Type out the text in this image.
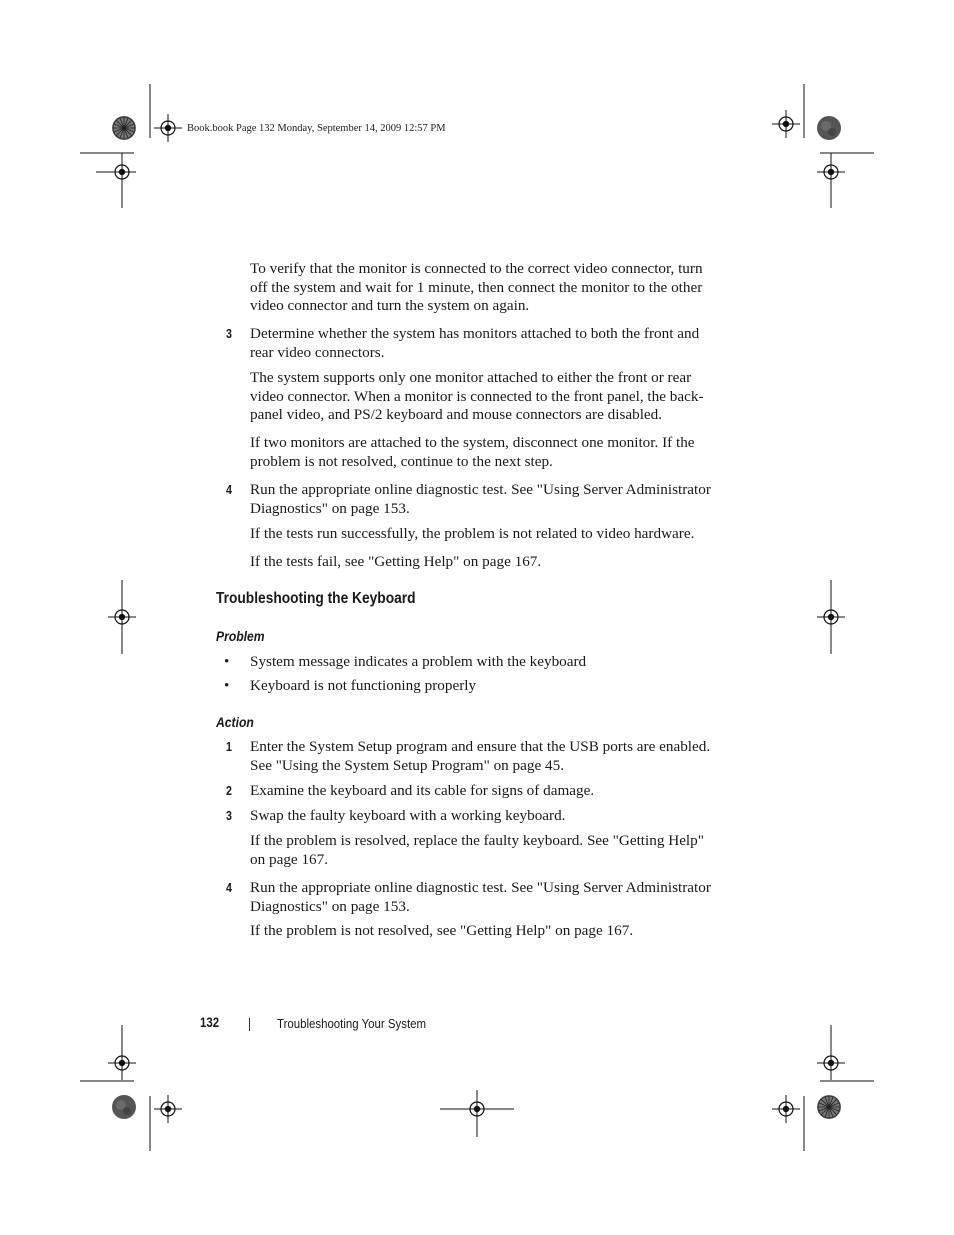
Book.book Page 132 Monday, September 14, 2009 12:57 PM

To verify that the monitor is connected to the correct video connector, turn off the system and wait for 1 minute, then connect the monitor to the other video connector and turn the system on again.

3 Determine whether the system has monitors attached to both the front and rear video connectors.

The system supports only one monitor attached to either the front or rear video connector. When a monitor is connected to the front panel, the back-panel video, and PS/2 keyboard and mouse connectors are disabled.

If two monitors are attached to the system, disconnect one monitor. If the problem is not resolved, continue to the next step.

4 Run the appropriate online diagnostic test. See "Using Server Administrator Diagnostics" on page 153.

If the tests run successfully, the problem is not related to video hardware.

If the tests fail, see "Getting Help" on page 167.

Troubleshooting the Keyboard
Problem
• System message indicates a problem with the keyboard

• Keyboard is not functioning properly

Action
1 Enter the System Setup program and ensure that the USB ports are enabled. See "Using the System Setup Program" on page 45.

2 Examine the keyboard and its cable for signs of damage.

3 Swap the faulty keyboard with a working keyboard.

If the problem is resolved, replace the faulty keyboard. See "Getting Help" on page 167.

4 Run the appropriate online diagnostic test. See "Using Server Administrator Diagnostics" on page 153.

If the problem is not resolved, see "Getting Help" on page 167.

132	Troubleshooting Your System
